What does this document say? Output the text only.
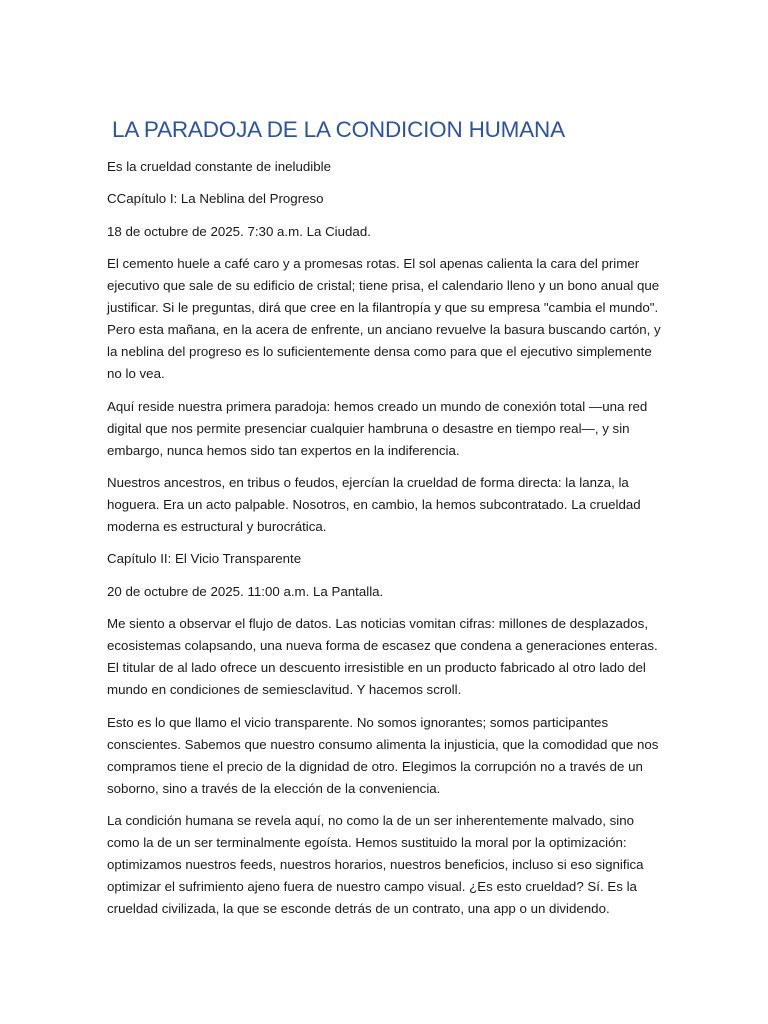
LA PARADOJA DE LA CONDICION HUMANA

Es la crueldad constante de ineludible

CCapítulo I: La Neblina del Progreso

18 de octubre de 2025. 7:30 a.m. La Ciudad.

El cemento huele a café caro y a promesas rotas. El sol apenas calienta la cara del primer ejecutivo que sale de su edificio de cristal; tiene prisa, el calendario lleno y un bono anual que justificar. Si le preguntas, dirá que cree en la filantropía y que su empresa "cambia el mundo". Pero esta mañana, en la acera de enfrente, un anciano revuelve la basura buscando cartón, y la neblina del progreso es lo suficientemente densa como para que el ejecutivo simplemente no lo vea.

Aquí reside nuestra primera paradoja: hemos creado un mundo de conexión total —una red digital que nos permite presenciar cualquier hambruna o desastre en tiempo real—, y sin embargo, nunca hemos sido tan expertos en la indiferencia.

Nuestros ancestros, en tribus o feudos, ejercían la crueldad de forma directa: la lanza, la hoguera. Era un acto palpable. Nosotros, en cambio, la hemos subcontratado. La crueldad moderna es estructural y burocrática.

Capítulo II: El Vicio Transparente

20 de octubre de 2025. 11:00 a.m. La Pantalla.

Me siento a observar el flujo de datos. Las noticias vomitan cifras: millones de desplazados, ecosistemas colapsando, una nueva forma de escasez que condena a generaciones enteras. El titular de al lado ofrece un descuento irresistible en un producto fabricado al otro lado del mundo en condiciones de semiesclavitud. Y hacemos scroll.

Esto es lo que llamo el vicio transparente. No somos ignorantes; somos participantes conscientes. Sabemos que nuestro consumo alimenta la injusticia, que la comodidad que nos compramos tiene el precio de la dignidad de otro. Elegimos la corrupción no a través de un soborno, sino a través de la elección de la conveniencia.

La condición humana se revela aquí, no como la de un ser inherentemente malvado, sino como la de un ser terminalmente egoísta. Hemos sustituido la moral por la optimización: optimizamos nuestros feeds, nuestros horarios, nuestros beneficios, incluso si eso significa optimizar el sufrimiento ajeno fuera de nuestro campo visual. ¿Es esto crueldad? Sí. Es la crueldad civilizada, la que se esconde detrás de un contrato, una app o un dividendo.
